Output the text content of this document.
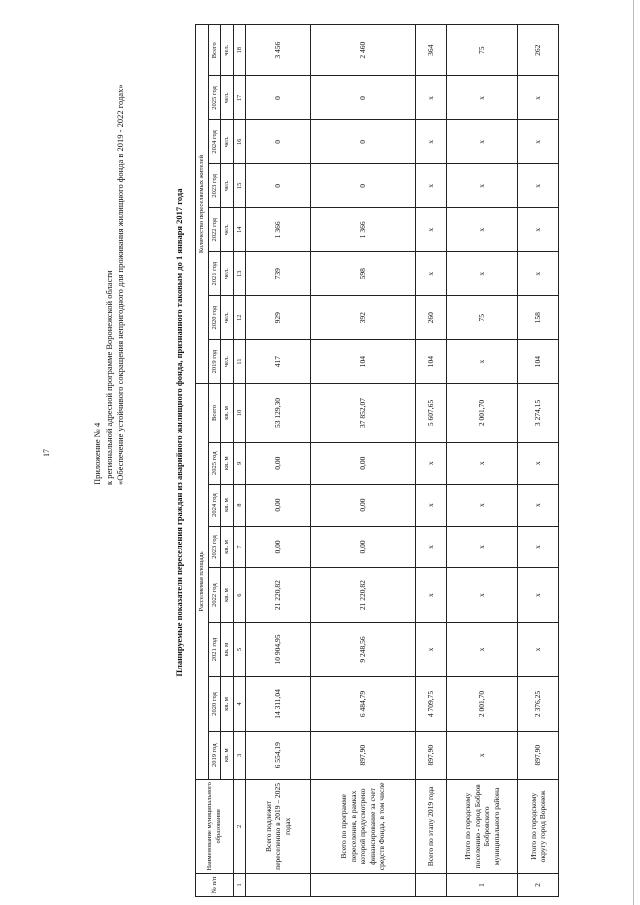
17	Приложение № 4 к региональной адресной программе Воронежской области «Обеспечение устойчивого сокращения непригодного для проживания жилищного фонда в 2019 - 2022 годах»	Планируемые показатели переселения граждан из аварийного жилищного фонда, признанного таковым до 1 января 2017 года
№ п/п	Наименование муниципального образования	Расселяемая площадь								Количество переселяемых жителей							
		2019 год	2020 год	2021 год	2022 год	2023 год	2024 год	2025 год	Всего	2019 год	2020 год	2021 год	2022 год	2023 год	2024 год	2025 год	Всего
		кв. м	кв. м	кв. м	кв. м	кв. м	кв. м	кв. м	кв. м	чел.	чел.	чел.	чел.	чел.	чел.	чел.	чел.
1	2	3	4	5	6	7	8	9	10	11	12	13	14	15	16	17	18
	Всего подлежит переселению в 2019 – 2025 годах	6 554,19	14 311,04	10 904,95	21 220,82	0,00	0,00	0,00	53 129,30	417	929	739	1 366	0	0	0	3 456
	Всего по программе переселения, в рамках которой предусмотрено финансирование за счет средств Фонда, в том числе	897,90	6 484,79	9 248,56	21 220,82	0,00	0,00	0,00	37 852,07	104	392	598	1 366	0	0	0	2 460
	Всего по этапу 2019 года	897,90	4 709,75	х	х	х	х	х	5 607,65	104	260	х	х	х	х	х	364
1	Итого по городскому поселению - город Бобров Бобровского муниципального района	х	2 001,70	х	х	х	х	х	2 001,70	х	75	х	х	х	х	х	75
2	Итого по городскому округу город Воронеж	897,90	2 376,25	х	х	х	х	х	3 274,15	104	158	х	х	х	х	х	262
